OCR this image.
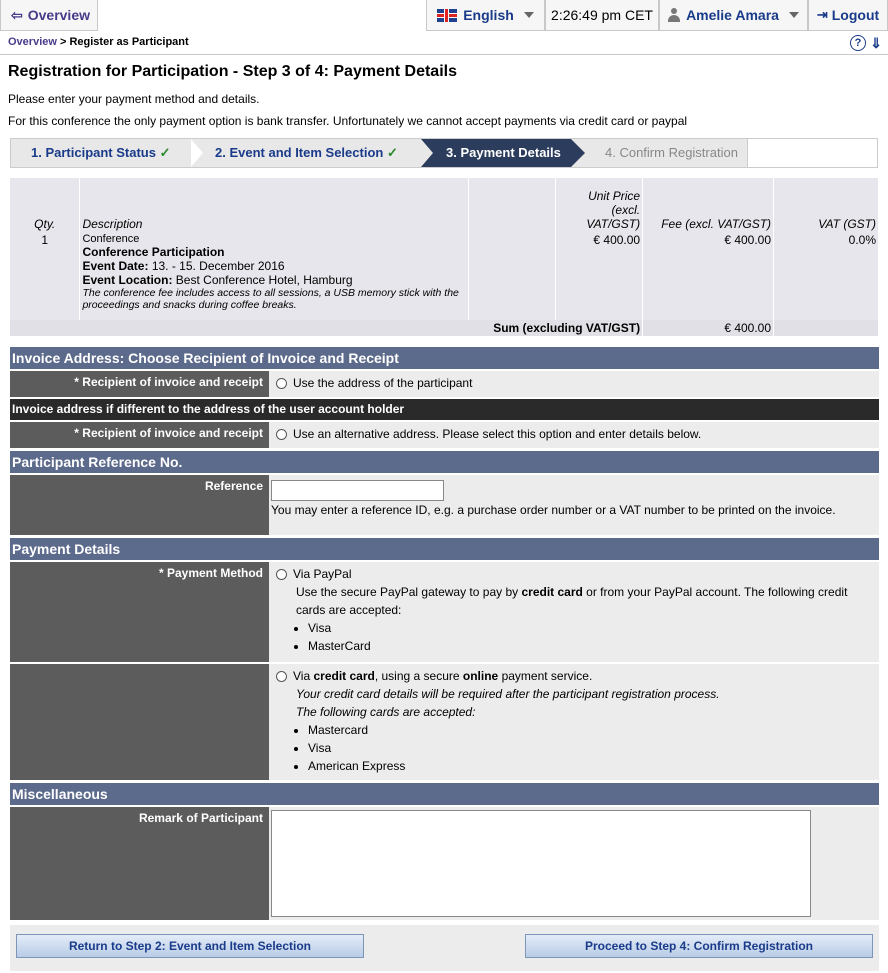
⇦ Overview	English	2:26:49 pm CET Amelie Amara	⇥ Logout
Overview > Register as Participant	? ⇓
Registration for Participation - Step 3 of 4: Payment Details
Please enter your payment method and details.
For this conference the only payment option is bank transfer. Unfortunately we cannot accept payments via credit card or paypal
1. Participant Status ✓	2. Event and Item Selection ✓	3. Payment Details	4. Confirm Registration
Qty.	Description		Unit Price (excl. VAT/GST)	Fee (excl. VAT/GST)	VAT (GST)
1	Conference
Conference Participation
Event Date: 13. - 15. December 2016
Event Location: Best Conference Hotel, Hamburg
The conference fee includes access to all sessions, a USB memory stick with the proceedings and snacks during coffee breaks.		€ 400.00	€ 400.00	0.0%
Sum (excluding VAT/GST)				€ 400.00	
Invoice Address: Choose Recipient of Invoice and Receipt
* Recipient of invoice and receipt	Use the address of the participant
Invoice address if different to the address of the user account holder
* Recipient of invoice and receipt	Use an alternative address. Please select this option and enter details below.
Participant Reference No.
Reference
You may enter a reference ID, e.g. a purchase order number or a VAT number to be printed on the invoice.
Payment Details
* Payment Method	Via PayPal
Use the secure PayPal gateway to pay by credit card or from your PayPal account. The following credit cards are accepted:
• Visa
• MasterCard
Via credit card, using a secure online payment service.
Your credit card details will be required after the participant registration process.
The following cards are accepted:
• Mastercard
• Visa
• American Express
Miscellaneous
Remark of Participant
Return to Step 2: Event and Item Selection	Proceed to Step 4: Confirm Registration
